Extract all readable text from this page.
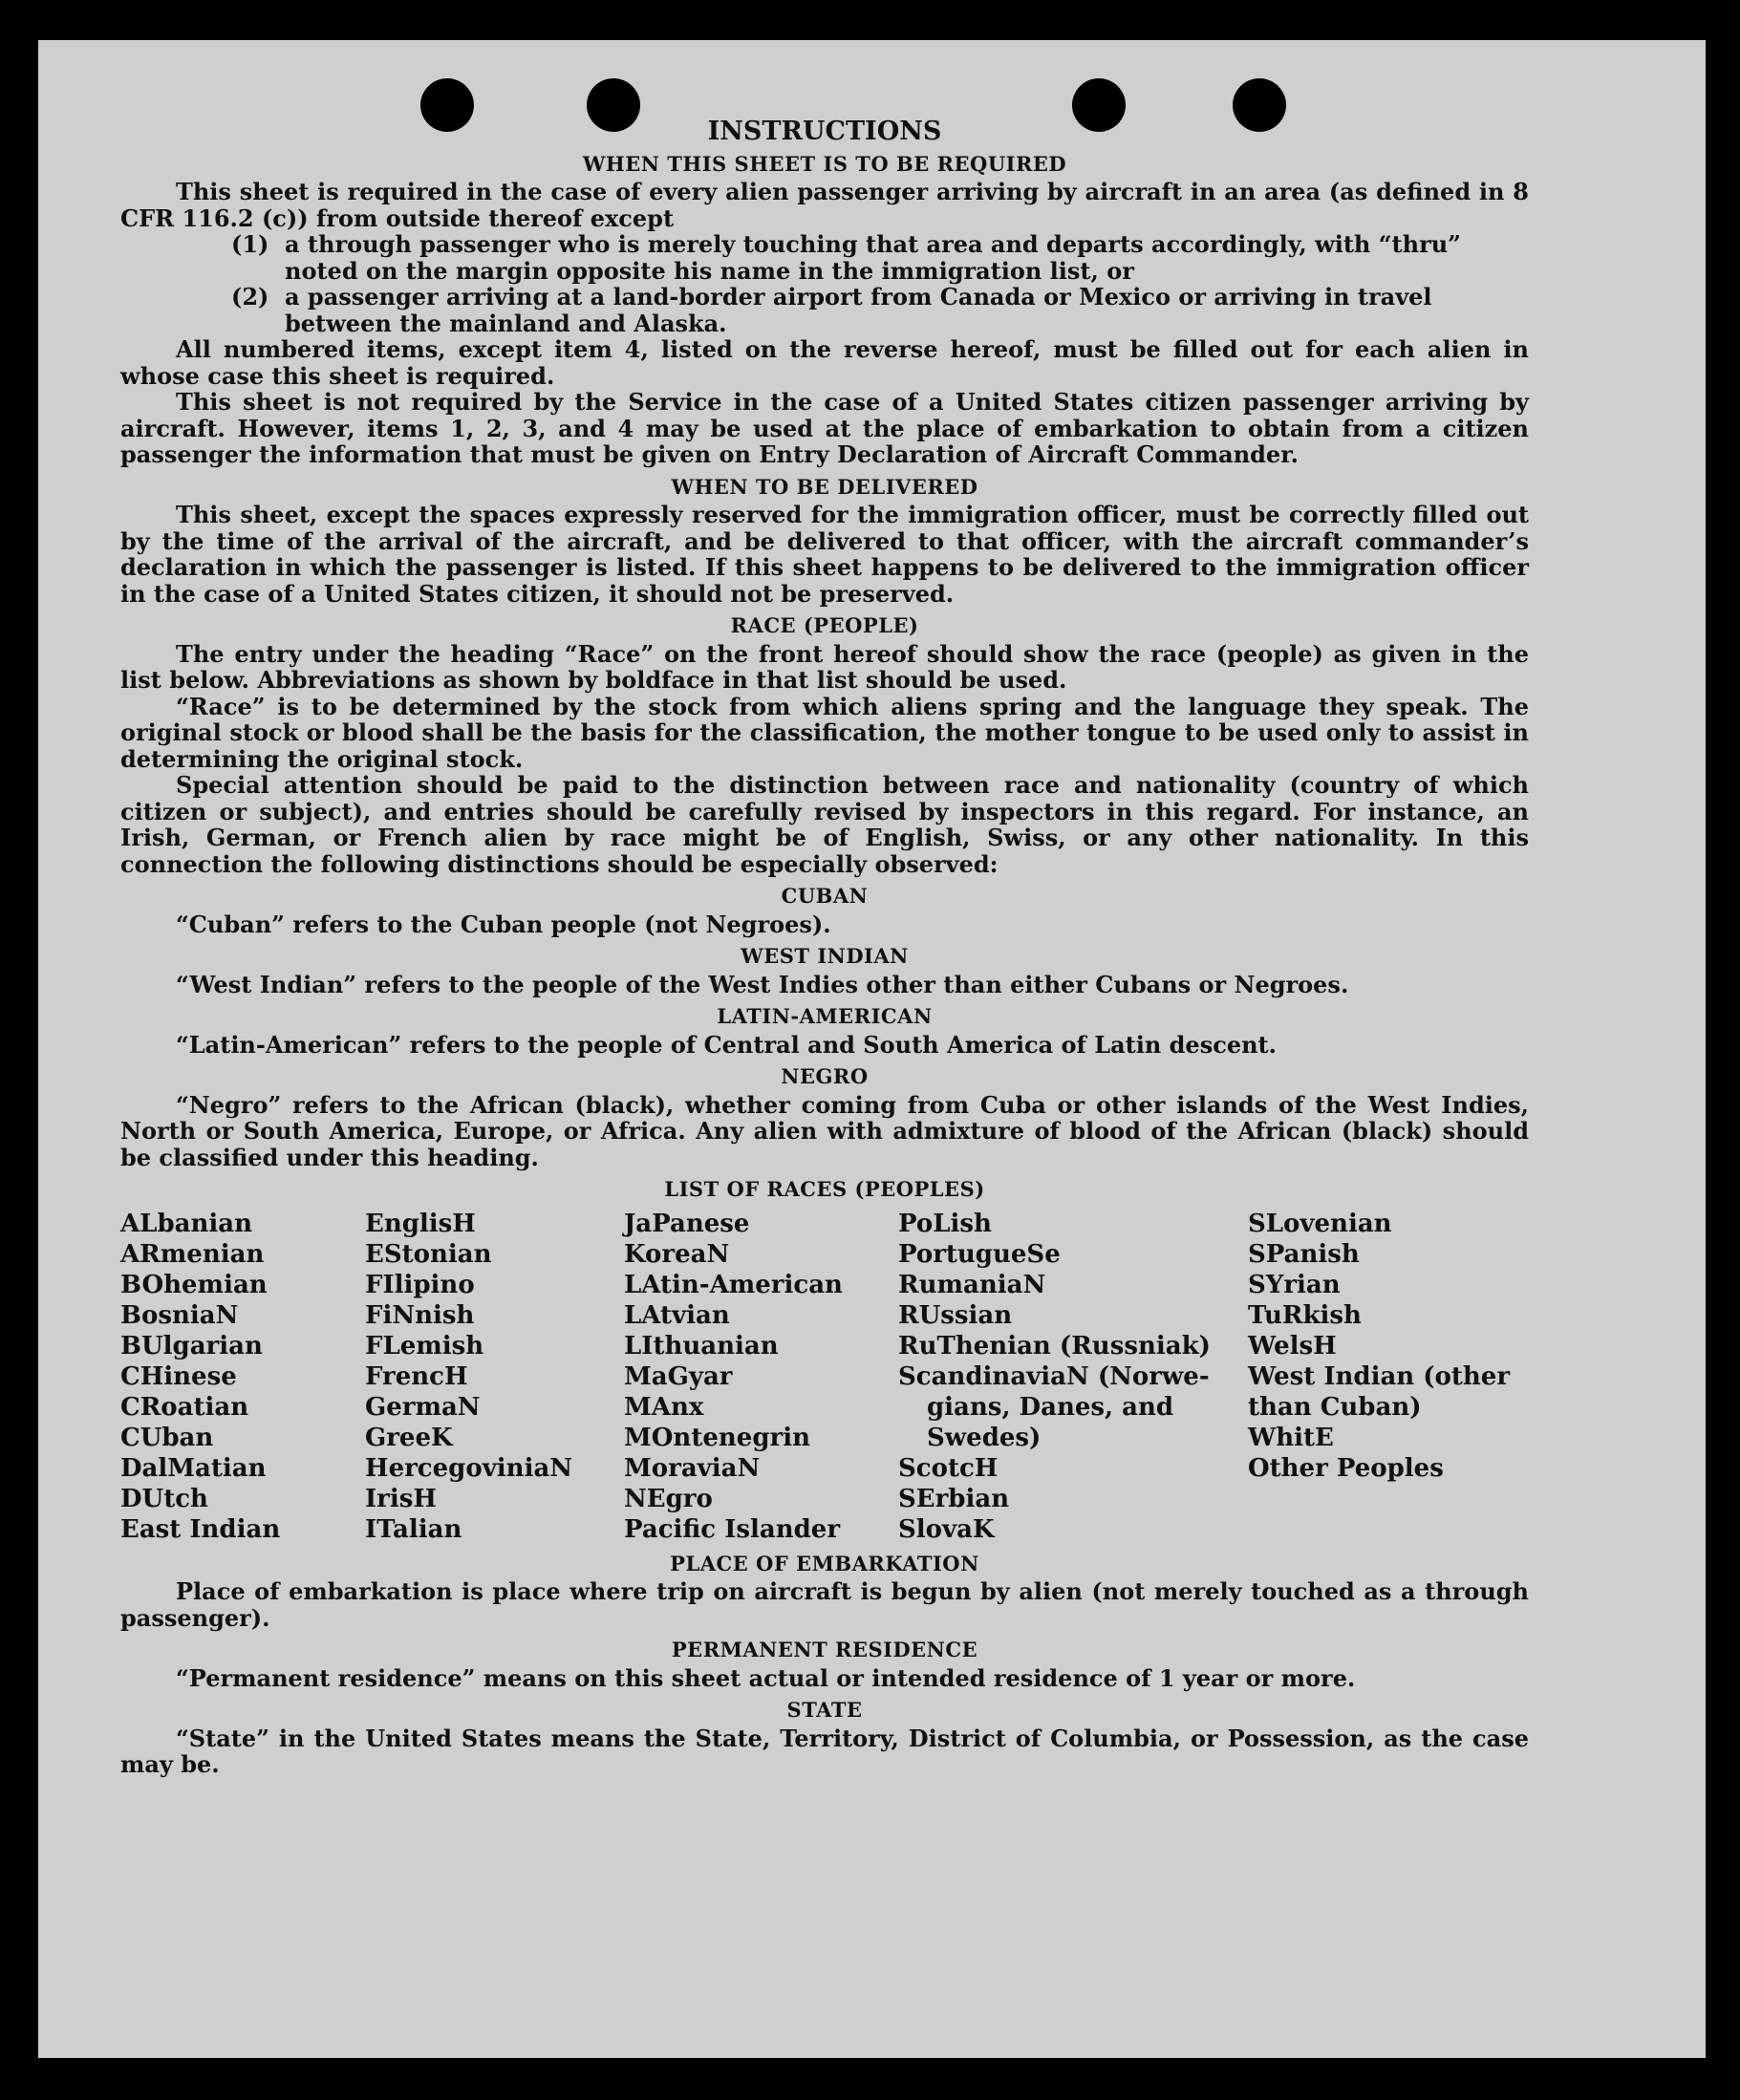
INSTRUCTIONS
WHEN THIS SHEET IS TO BE REQUIRED

This sheet is required in the case of every alien passenger arriving by aircraft in an area (as defined in 8 CFR 116.2 (c)) from outside thereof except

(1) a through passenger who is merely touching that area and departs accordingly, with “thru” noted on the margin opposite his name in the immigration list, or
(2) a passenger arriving at a land-border airport from Canada or Mexico or arriving in travel between the mainland and Alaska.

All numbered items, except item 4, listed on the reverse hereof, must be filled out for each alien in whose case this sheet is required.

This sheet is not required by the Service in the case of a United States citizen passenger arriving by aircraft. However, items 1, 2, 3, and 4 may be used at the place of embarkation to obtain from a citizen passenger the information that must be given on Entry Declaration of Aircraft Commander.

WHEN TO BE DELIVERED

This sheet, except the spaces expressly reserved for the immigration officer, must be correctly filled out by the time of the arrival of the aircraft, and be delivered to that officer, with the aircraft commander’s declaration in which the passenger is listed. If this sheet happens to be delivered to the immigration officer in the case of a United States citizen, it should not be preserved.

RACE (PEOPLE)

The entry under the heading “Race” on the front hereof should show the race (people) as given in the list below. Abbreviations as shown by boldface in that list should be used.

“Race” is to be determined by the stock from which aliens spring and the language they speak. The original stock or blood shall be the basis for the classification, the mother tongue to be used only to assist in determining the original stock.

Special attention should be paid to the distinction between race and nationality (country of which citizen or subject), and entries should be carefully revised by inspectors in this regard. For instance, an Irish, German, or French alien by race might be of English, Swiss, or any other nationality. In this connection the following distinctions should be especially observed:

CUBAN

“Cuban” refers to the Cuban people (not Negroes).

WEST INDIAN

“West Indian” refers to the people of the West Indies other than either Cubans or Negroes.

LATIN-AMERICAN

“Latin-American” refers to the people of Central and South America of Latin descent.

NEGRO

“Negro” refers to the African (black), whether coming from Cuba or other islands of the West Indies, North or South America, Europe, or Africa. Any alien with admixture of blood of the African (black) should be classified under this heading.

LIST OF RACES (PEOPLES)
ALbanian	EnglisH	JaPanese	PoLish	SLovenian
ARmenian	EStonian	KoreaN	PortugueSe	SPanish
BOhemian	FIlipino	LAtin-American	RumaniaN	SYrian
BosniaN	FiNnish	LAtvian	RUssian	TuRkish
BUlgarian	FLemish	LIthuanian	RuThenian (Russniak)	WelsH
CHinese	FrencH	MaGyar	ScandinaviaN (Norwe-	West Indian (other
CRoatian	GermaN	MAnx	gians, Danes, and	than Cuban)
CUban	GreeK	MOntenegrin	Swedes)	WhitE
DalMatian	HercegoviniaN	MoraviaN	ScotcH	Other Peoples
DUtch	IrisH	NEgro	SErbian
East Indian	ITalian	Pacific Islander	SlovaK
PLACE OF EMBARKATION

Place of embarkation is place where trip on aircraft is begun by alien (not merely touched as a through passenger).

PERMANENT RESIDENCE

“Permanent residence” means on this sheet actual or intended residence of 1 year or more.

STATE

“State” in the United States means the State, Territory, District of Columbia, or Possession, as the case may be.
